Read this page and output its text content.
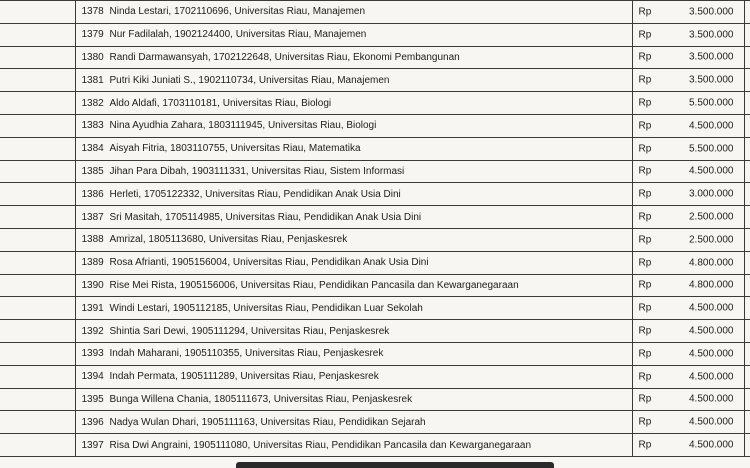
	1378 Ninda Lestari, 1702110696, Universitas Riau, Manajemen	Rp 3.500.000	

	1379 Nur Fadilalah, 1902124400, Universitas Riau, Manajemen	Rp 3.500.000	

	1380 Randi Darmawansyah, 1702122648, Universitas Riau, Ekonomi Pembangunan	Rp 3.500.000	

	1381 Putri Kiki Juniati S., 1902110734, Universitas Riau, Manajemen	Rp 3.500.000	

	1382 Aldo Aldafi, 1703110181, Universitas Riau, Biologi	Rp 5.500.000	

	1383 Nina Ayudhia Zahara, 1803111945, Universitas Riau, Biologi	Rp 4.500.000	

	1384 Aisyah Fitria, 1803110755, Universitas Riau, Matematika	Rp 5.500.000	

	1385 Jihan Para Dibah, 1903111331, Universitas Riau, Sistem Informasi	Rp 4.500.000	

	1386 Herleti, 1705122332, Universitas Riau, Pendidikan Anak Usia Dini	Rp 3.000.000	

	1387 Sri Masitah, 1705114985, Universitas Riau, Pendidikan Anak Usia Dini	Rp 2.500.000	

	1388 Amrizal, 1805113680, Universitas Riau, Penjaskesrek	Rp 2.500.000	

	1389 Rosa Afrianti, 1905156004, Universitas Riau, Pendidikan Anak Usia Dini	Rp 4.800.000	

	1390 Rise Mei Rista, 1905156006, Universitas Riau, Pendidikan Pancasila dan Kewarganegaraan	Rp 4.800.000	

	1391 Windi Lestari, 1905112185, Universitas Riau, Pendidikan Luar Sekolah	Rp 4.500.000	

	1392 Shintia Sari Dewi, 1905111294, Universitas Riau, Penjaskesrek	Rp 4.500.000	

	1393 Indah Maharani, 1905110355, Universitas Riau, Penjaskesrek	Rp 4.500.000	

	1394 Indah Permata, 1905111289, Universitas Riau, Penjaskesrek	Rp 4.500.000	

	1395 Bunga Willena Chania, 1805111673, Universitas Riau, Penjaskesrek	Rp 4.500.000	

	1396 Nadya Wulan Dhari, 1905111163, Universitas Riau, Pendidikan Sejarah	Rp 4.500.000	

	1397 Risa Dwi Angraini, 1905111080, Universitas Riau, Pendidikan Pancasila dan Kewarganegaraan	Rp 4.500.000	
